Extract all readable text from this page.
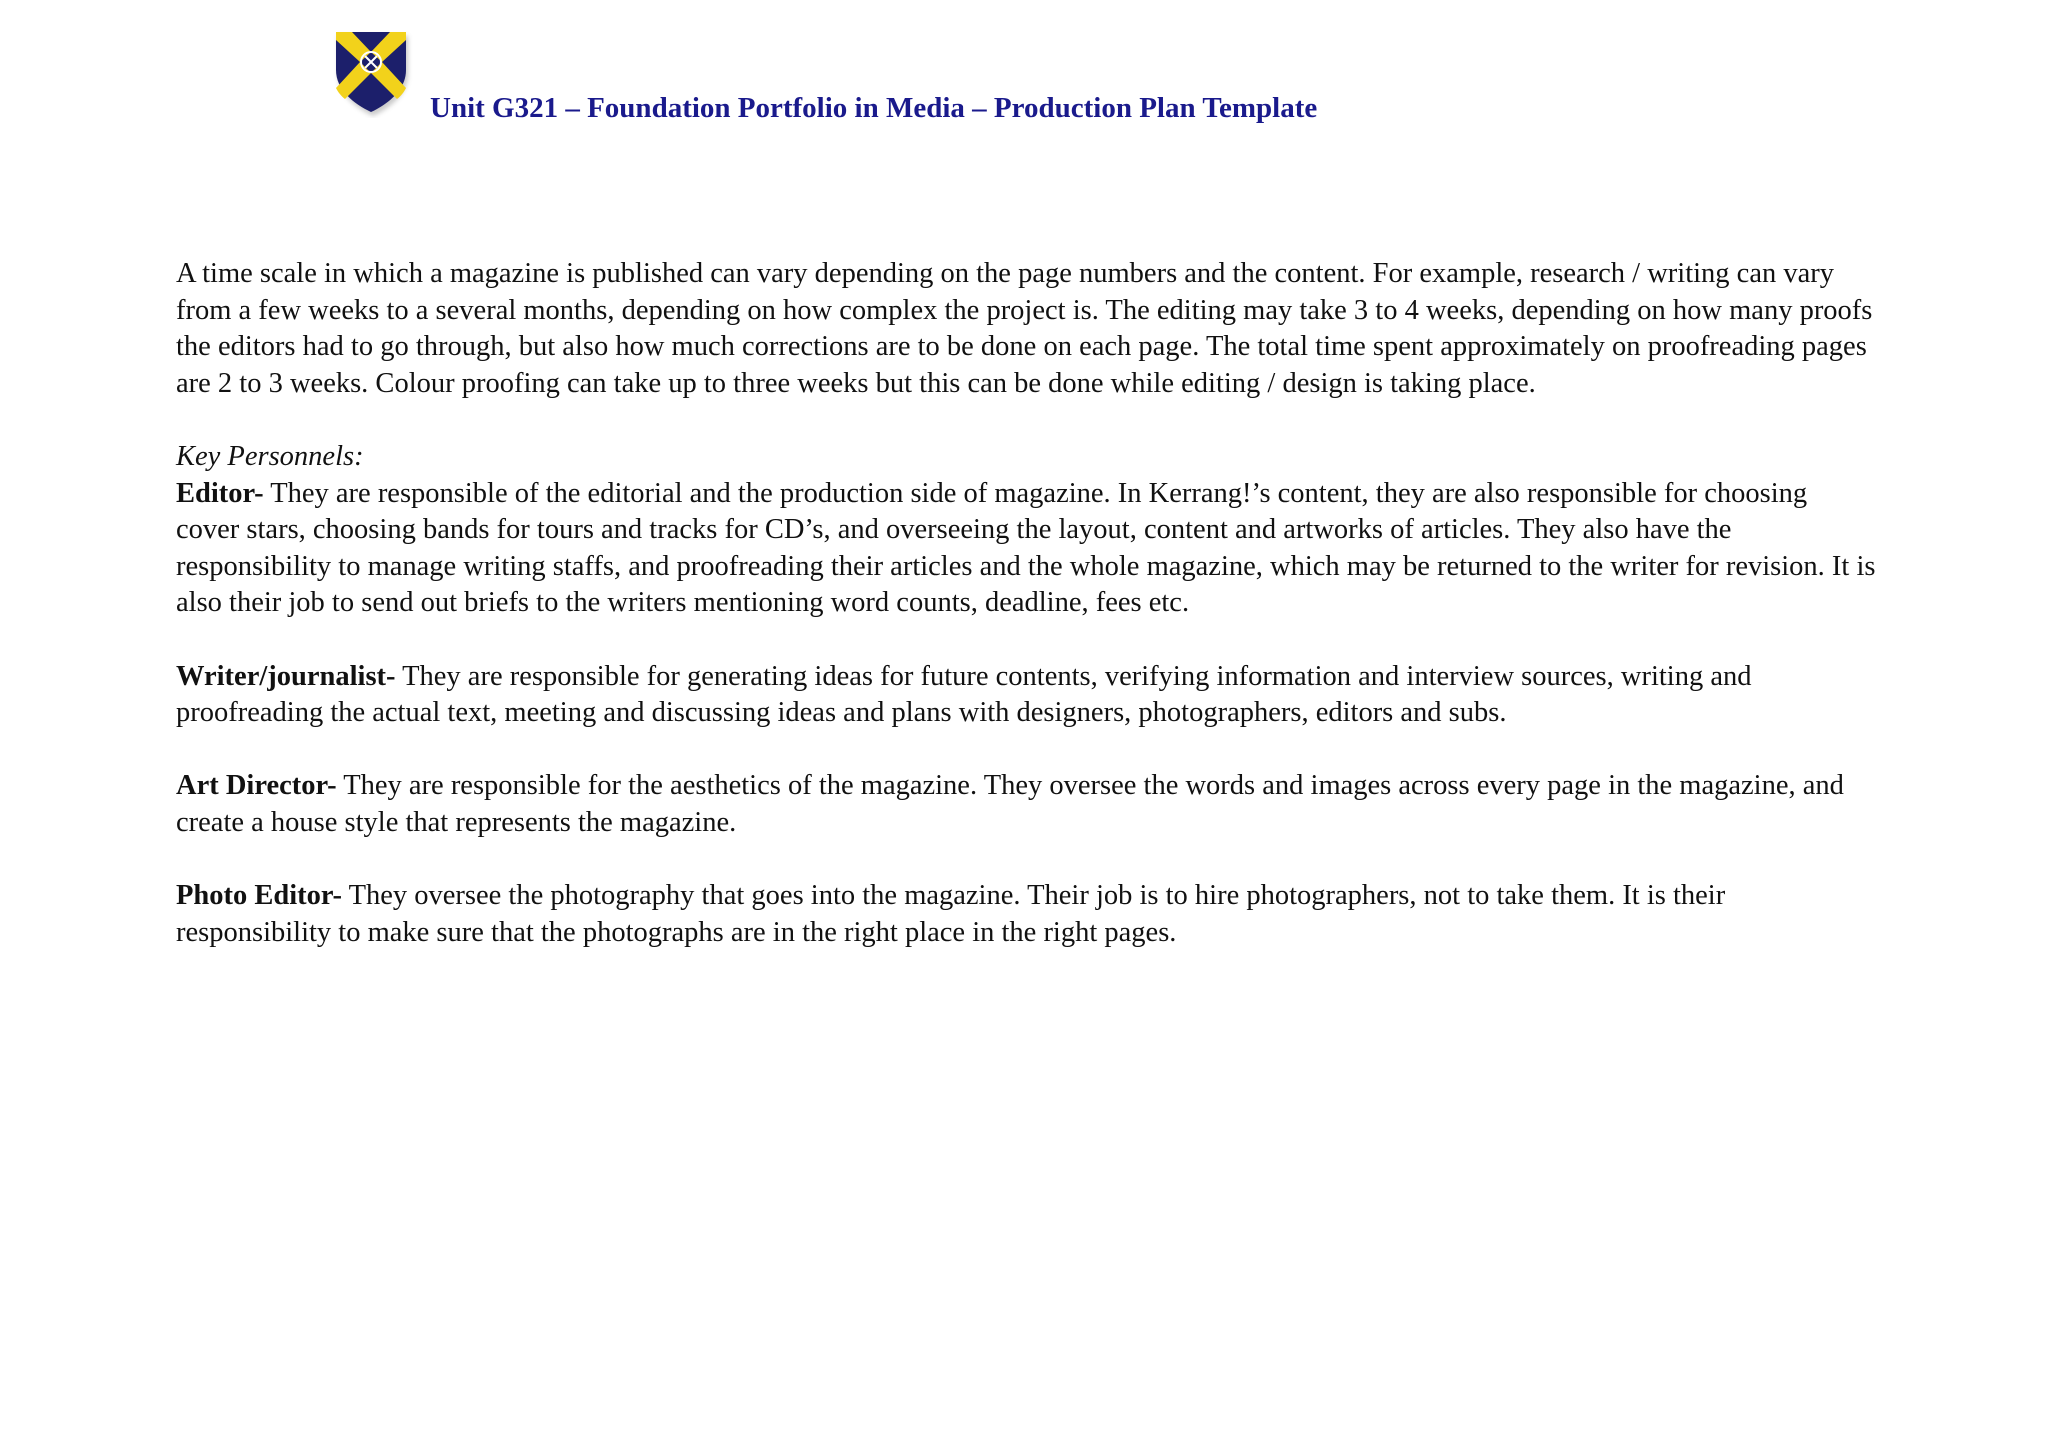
Unit G321 – Foundation Portfolio in Media – Production Plan Template

A time scale in which a magazine is published can vary depending on the page numbers and the content. For example, research / writing can vary from a few weeks to a several months, depending on how complex the project is. The editing may take 3 to 4 weeks, depending on how many proofs the editors had to go through, but also how much corrections are to be done on each page. The total time spent approximately on proofreading pages are 2 to 3 weeks. Colour proofing can take up to three weeks but this can be done while editing / design is taking place.

Key Personnels:
Editor- They are responsible of the editorial and the production side of magazine. In Kerrang!’s content, they are also responsible for choosing cover stars, choosing bands for tours and tracks for CD’s, and overseeing the layout, content and artworks of articles. They also have the responsibility to manage writing staffs, and proofreading their articles and the whole magazine, which may be returned to the writer for revision. It is also their job to send out briefs to the writers mentioning word counts, deadline, fees etc.

Writer/journalist- They are responsible for generating ideas for future contents, verifying information and interview sources, writing and proofreading the actual text, meeting and discussing ideas and plans with designers, photographers, editors and subs.

Art Director- They are responsible for the aesthetics of the magazine. They oversee the words and images across every page in the magazine, and create a house style that represents the magazine.

Photo Editor- They oversee the photography that goes into the magazine. Their job is to hire photographers, not to take them. It is their responsibility to make sure that the photographs are in the right place in the right pages.
